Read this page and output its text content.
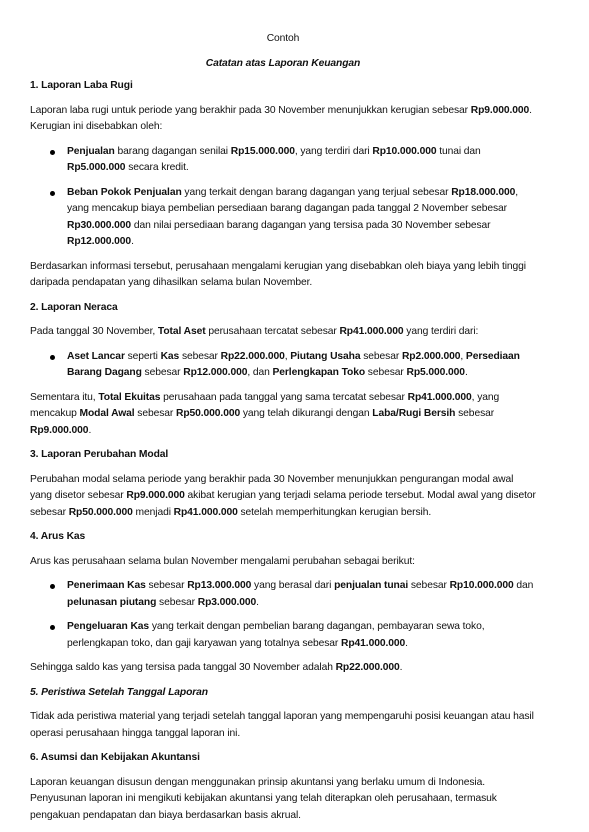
Contoh
Catatan atas Laporan Keuangan
1. Laporan Laba Rugi

Laporan laba rugi untuk periode yang berakhir pada 30 November menunjukkan kerugian sebesar Rp9.000.000. Kerugian ini disebabkan oleh:

Penjualan barang dagangan senilai Rp15.000.000, yang terdiri dari Rp10.000.000 tunai dan Rp5.000.000 secara kredit.
Beban Pokok Penjualan yang terkait dengan barang dagangan yang terjual sebesar Rp18.000.000, yang mencakup biaya pembelian persediaan barang dagangan pada tanggal 2 November sebesar Rp30.000.000 dan nilai persediaan barang dagangan yang tersisa pada 30 November sebesar Rp12.000.000.

Berdasarkan informasi tersebut, perusahaan mengalami kerugian yang disebabkan oleh biaya yang lebih tinggi daripada pendapatan yang dihasilkan selama bulan November.

2. Laporan Neraca

Pada tanggal 30 November, Total Aset perusahaan tercatat sebesar Rp41.000.000 yang terdiri dari:

Aset Lancar seperti Kas sebesar Rp22.000.000, Piutang Usaha sebesar Rp2.000.000, Persediaan Barang Dagang sebesar Rp12.000.000, dan Perlengkapan Toko sebesar Rp5.000.000.

Sementara itu, Total Ekuitas perusahaan pada tanggal yang sama tercatat sebesar Rp41.000.000, yang mencakup Modal Awal sebesar Rp50.000.000 yang telah dikurangi dengan Laba/Rugi Bersih sebesar Rp9.000.000.

3. Laporan Perubahan Modal

Perubahan modal selama periode yang berakhir pada 30 November menunjukkan pengurangan modal awal yang disetor sebesar Rp9.000.000 akibat kerugian yang terjadi selama periode tersebut. Modal awal yang disetor sebesar Rp50.000.000 menjadi Rp41.000.000 setelah memperhitungkan kerugian bersih.

4. Arus Kas

Arus kas perusahaan selama bulan November mengalami perubahan sebagai berikut:

Penerimaan Kas sebesar Rp13.000.000 yang berasal dari penjualan tunai sebesar Rp10.000.000 dan pelunasan piutang sebesar Rp3.000.000.
Pengeluaran Kas yang terkait dengan pembelian barang dagangan, pembayaran sewa toko, perlengkapan toko, dan gaji karyawan yang totalnya sebesar Rp41.000.000.

Sehingga saldo kas yang tersisa pada tanggal 30 November adalah Rp22.000.000.

5. Peristiwa Setelah Tanggal Laporan

Tidak ada peristiwa material yang terjadi setelah tanggal laporan yang mempengaruhi posisi keuangan atau hasil operasi perusahaan hingga tanggal laporan ini.

6. Asumsi dan Kebijakan Akuntansi

Laporan keuangan disusun dengan menggunakan prinsip akuntansi yang berlaku umum di Indonesia. Penyusunan laporan ini mengikuti kebijakan akuntansi yang telah diterapkan oleh perusahaan, termasuk pengakuan pendapatan dan biaya berdasarkan basis akrual.
